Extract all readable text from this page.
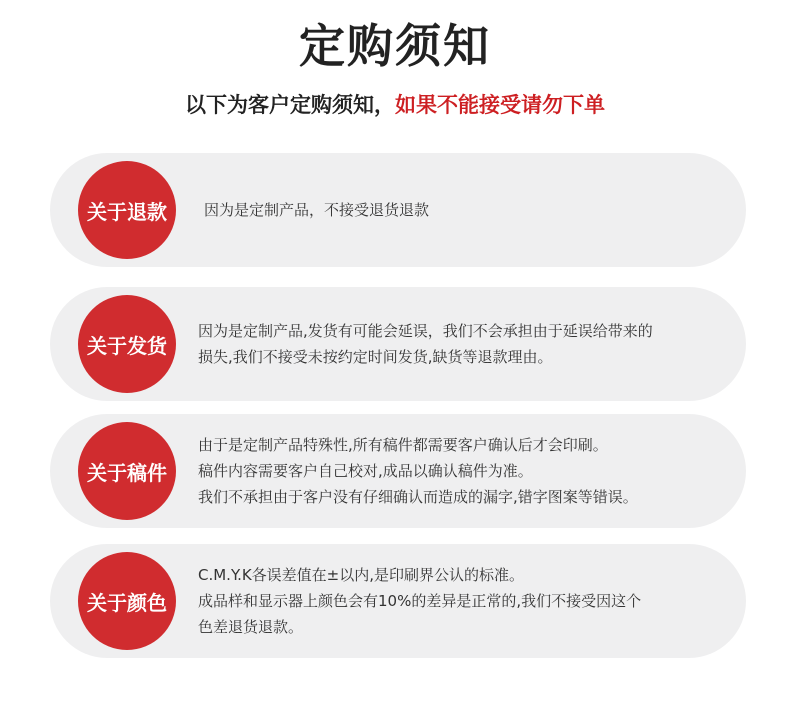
定购须知
以下为客户定购须知，如果不能接受请勿下单
关于退款 因为是定制产品，不接受退货退款
关于发货
因为是定制产品,发货有可能会延误，我们不会承担由于延误给带来的
损失,我们不接受未按约定时间发货,缺货等退款理由。
关于稿件
由于是定制产品特殊性,所有稿件都需要客户确认后才会印刷。
稿件内容需要客户自己校对,成品以确认稿件为准。
我们不承担由于客户没有仔细确认而造成的漏字,错字图案等错误。
关于颜色
C.M.Y.K各误差值在±以内,是印刷界公认的标准。
成品样和显示器上颜色会有10%的差异是正常的,我们不接受因这个
色差退货退款。
